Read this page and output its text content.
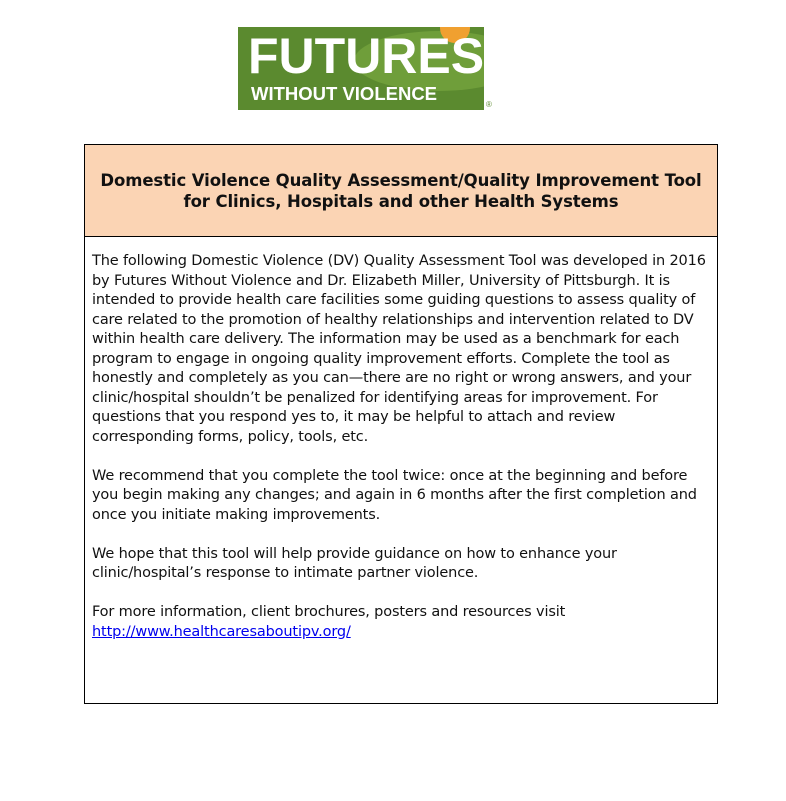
FUTURES
WITHOUT VIOLENCE
®
Domestic Violence Quality Assessment/Quality Improvement Tool
for Clinics, Hospitals and other Health Systems

The following Domestic Violence (DV) Quality Assessment Tool was developed in 2016 by Futures Without Violence and Dr. Elizabeth Miller, University of Pittsburgh. It is intended to provide health care facilities some guiding questions to assess quality of care related to the promotion of healthy relationships and intervention related to DV within health care delivery. The information may be used as a benchmark for each program to engage in ongoing quality improvement efforts. Complete the tool as honestly and completely as you can—there are no right or wrong answers, and your clinic/hospital shouldn’t be penalized for identifying areas for improvement. For questions that you respond yes to, it may be helpful to attach and review corresponding forms, policy, tools, etc.

We recommend that you complete the tool twice: once at the beginning and before you begin making any changes; and again in 6 months after the first completion and once you initiate making improvements.

We hope that this tool will help provide guidance on how to enhance your clinic/hospital’s response to intimate partner violence.

For more information, client brochures, posters and resources visit
http://www.healthcaresaboutipv.org/
